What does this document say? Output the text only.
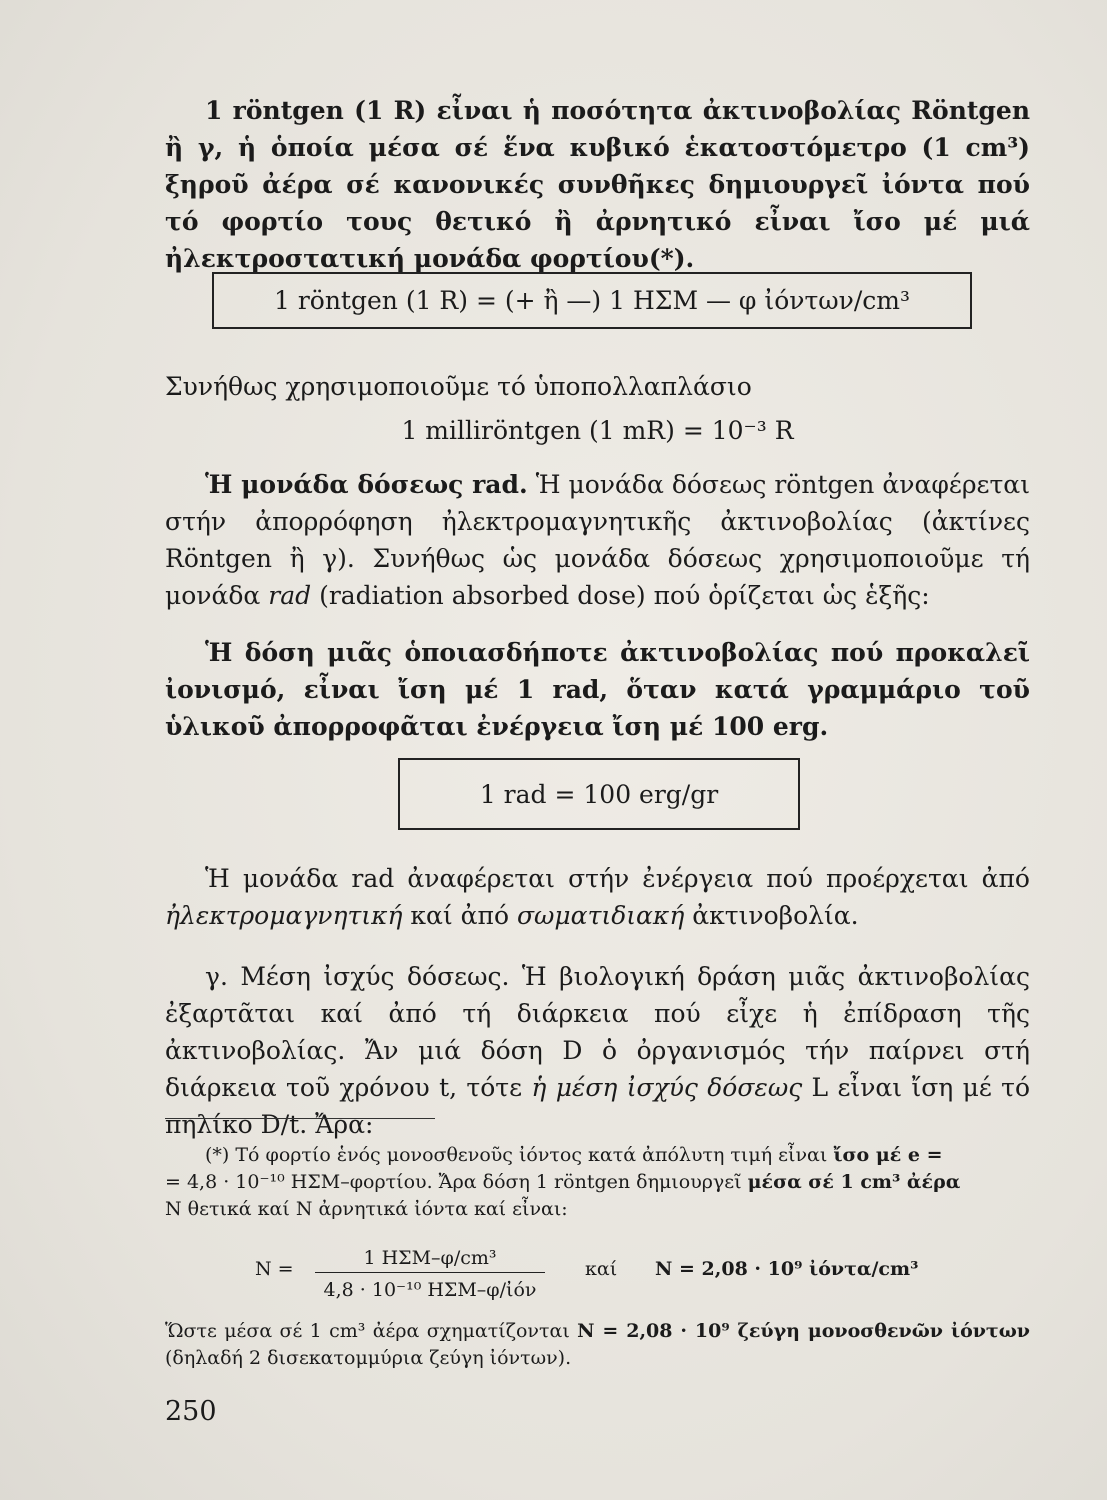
1 röntgen (1 R) εἶναι ἡ ποσότητα ἀκτινοβολίας Röntgen ἢ γ, ἡ ὁποία μέσα σέ ἕνα κυβικό ἑκατοστόμετρο (1 cm³) ξηροῦ ἀέρα σέ κανονικές συνθῆκες δημιουργεῖ ἰόντα πού τό φορτίο τους θετικό ἢ ἀρνητικό εἶναι ἴσο μέ μιά ἠλεκτροστατική μονάδα φορτίου(*).

1 röntgen (1 R) = (+ ἢ —) 1 ΗΣΜ — φ ἰόντων/cm³

Συνήθως χρησιμοποιοῦμε τό ὑποπολλαπλάσιο

1 milliröntgen (1 mR) = 10⁻³ R

Ἡ μονάδα δόσεως rad. Ἡ μονάδα δόσεως röntgen ἀναφέρεται στήν ἀπορρόφηση ἠλεκτρομαγνητικῆς ἀκτινοβολίας (ἀκτίνες Röntgen ἢ γ). Συνήθως ὡς μονάδα δόσεως χρησιμοποιοῦμε τή μονάδα rad (radiation absorbed dose) πού ὁρίζεται ὡς ἑξῆς:

Ἡ δόση μιᾶς ὁποιασδήποτε ἀκτινοβολίας πού προκαλεῖ ἰονισμό, εἶναι ἴση μέ 1 rad, ὅταν κατά γραμμάριο τοῦ ὑλικοῦ ἀπορροφᾶται ἐνέργεια ἴση μέ 100 erg.

1 rad = 100 erg/gr

Ἡ μονάδα rad ἀναφέρεται στήν ἐνέργεια πού προέρχεται ἀπό ἠλεκτρομαγνητική καί ἀπό σωματιδιακή ἀκτινοβολία.

γ. Μέση ἰσχύς δόσεως. Ἡ βιολογική δράση μιᾶς ἀκτινοβολίας ἐξαρτᾶται καί ἀπό τή διάρκεια πού εἶχε ἡ ἐπίδραση τῆς ἀκτινοβολίας. Ἄν μιά δόση D ὁ ὀργανισμός τήν παίρνει στή διάρκεια τοῦ χρόνου t, τότε ἡ μέση ἰσχύς δόσεως L εἶναι ἴση μέ τό πηλίκο D/t. Ἄρα:

(*) Τό φορτίο ἑνός μονοσθενοῦς ἰόντος κατά ἀπόλυτη τιμή εἶναι ἴσο μέ e =

= 4,8 · 10⁻¹⁰ ΗΣΜ–φορτίου. Ἄρα δόση 1 röntgen δημιουργεῖ μέσα σέ 1 cm³ ἀέρα

N θετικά καί N ἀρνητικά ἰόντα καί εἶναι:

N =	1 ΗΣΜ–φ/cm³
4,8 · 10⁻¹⁰ ΗΣΜ–φ/ἰόν
καί N = 2,08 · 10⁹ ἰόντα/cm³

Ὥστε μέσα σέ 1 cm³ ἀέρα σχηματίζονται N = 2,08 · 10⁹ ζεύγη μονοσθενῶν ἰόντων (δηλαδή 2 δισεκατομμύρια ζεύγη ἰόντων).

250
